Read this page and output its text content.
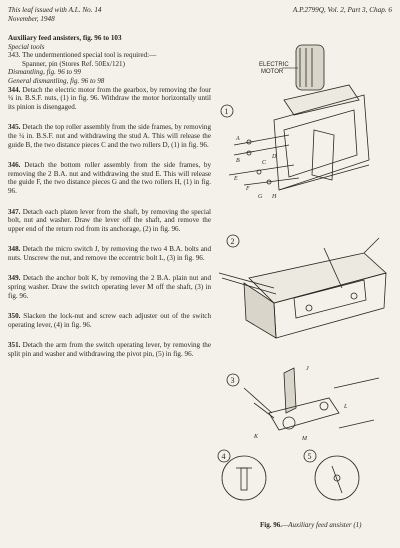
This leaf issued with A.L. No. 14
November, 1948
A.P.2799Q, Vol. 2, Part 3, Chap. 6

Auxiliary feed ansisters, fig. 96 to 103

Special tools

343. The undermentioned special tool is required:—

Spanner, pin (Stores Ref. 50Ex/121)

Dismantling, fig. 96 to 99

General dismantling, fig. 96 to 98

344. Detach the electric motor from the gearbox, by removing the four ¼ in. B.S.F. nuts, (1) in fig. 96. Withdraw the motor horizontally until its pinion is disengaged.

345. Detach the top roller assembly from the side frames, by removing the ¼ in. B.S.F. nut and withdrawing the stud A. This will release the guide B, the two distance pieces C and the two rollers D, (1) in fig. 96.

346. Detach the bottom roller assembly from the side frames, by removing the 2 B.A. nut and withdrawing the stud E. This will release the guide F, the two distance pieces G and the two rollers H, (1) in fig. 96.

347. Detach each platen lever from the shaft, by removing the special bolt, nut and washer. Draw the lever off the shaft, and remove the upper end of the return rod from its anchorage, (2) in fig. 96.

348. Detach the micro switch J, by removing the two 4 B.A. bolts and nuts. Unscrew the nut, and remove the eccentric bolt L, (3) in fig. 96.

349. Detach the anchor bolt K, by removing the 2 B.A. plain nut and spring washer. Draw the switch operating lever M off the shaft, (3) in fig. 96.

350. Slacken the lock-nut and screw each adjuster out of the switch operating lever, (4) in fig. 96.

351. Detach the arm from the switch operating lever, by removing the split pin and washer and withdrawing the pivot pin, (5) in fig. 96.

1
ELECTRIC
MOTOR
A
B	C
D
E
F
G H
2
3
4	5
J
K
L
M
Fig. 96.—Auxiliary feed ansister (1)
